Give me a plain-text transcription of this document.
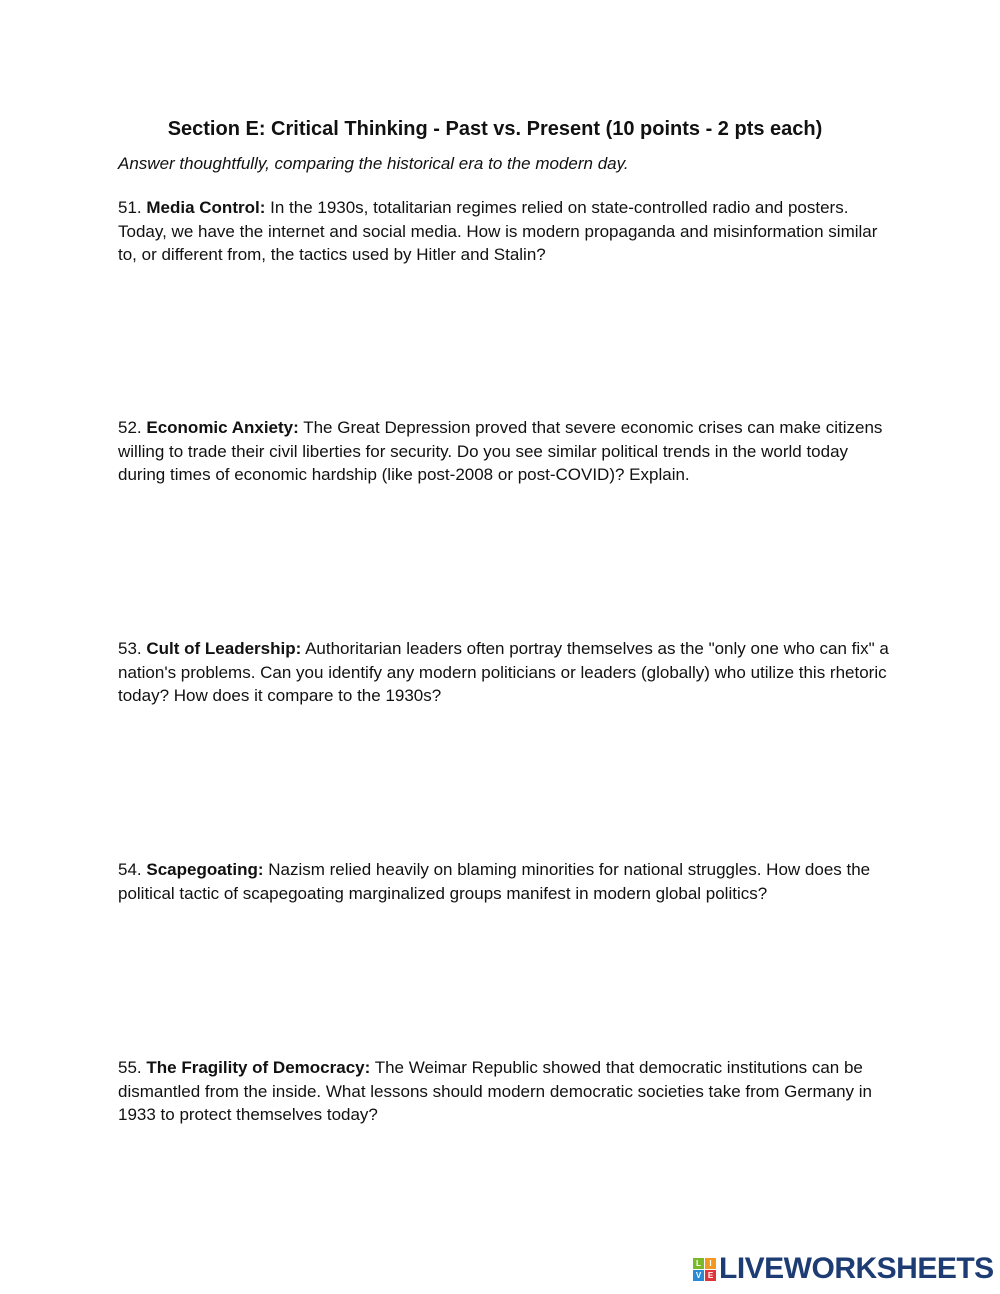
Section E: Critical Thinking - Past vs. Present (10 points - 2 pts each)
Answer thoughtfully, comparing the historical era to the modern day.
51. Media Control: In the 1930s, totalitarian regimes relied on state-controlled radio and posters. Today, we have the internet and social media. How is modern propaganda and misinformation similar to, or different from, the tactics used by Hitler and Stalin?
52. Economic Anxiety: The Great Depression proved that severe economic crises can make citizens willing to trade their civil liberties for security. Do you see similar political trends in the world today during times of economic hardship (like post-2008 or post-COVID)? Explain.
53. Cult of Leadership: Authoritarian leaders often portray themselves as the "only one who can fix" a nation's problems. Can you identify any modern politicians or leaders (globally) who utilize this rhetoric today? How does it compare to the 1930s?
54. Scapegoating: Nazism relied heavily on blaming minorities for national struggles. How does the political tactic of scapegoating marginalized groups manifest in modern global politics?
55. The Fragility of Democracy: The Weimar Republic showed that democratic institutions can be dismantled from the inside. What lessons should modern democratic societies take from Germany in 1933 to protect themselves today?
L	I
V E LIVEWORKSHEETS
